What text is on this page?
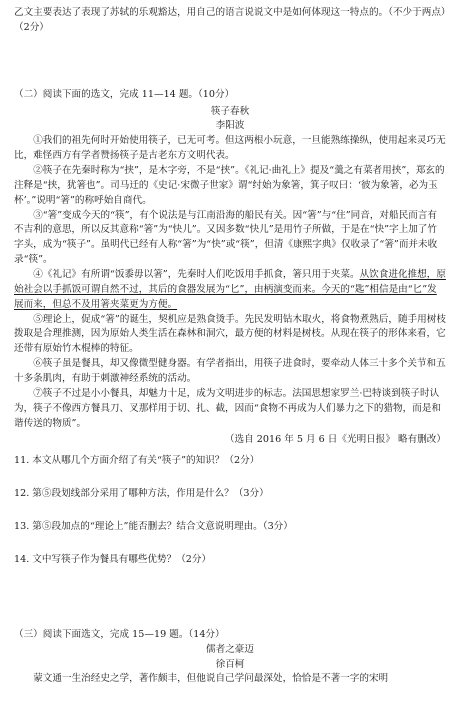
乙文主要表达了表现了苏轼的乐观豁达，用自己的语言说说文中是如何体现这一特点的。（不少于两点）（2分）

（二）阅读下面的选文，完成 11—14 题。（10分）

筷子春秋

李阳波

①我们的祖先何时开始使用筷子，已无可考。但这两根小玩意，一旦能熟练操纵，使用起来灵巧无比，难怪西方有学者赞扬筷子是古老东方文明代表。

②筷子在先秦时称为“挟”，是木字旁，不是“挟”。《礼记·曲礼上》提及“羹之有菜者用挟”，郑玄的注释是“挟，犹箸也”。司马迁的《史记·宋微子世家》谓“纣始为象箸，箕子叹曰：‘彼为象箸，必为玉杯’。”说明“箸”的称呼始自商代。

③“箸”变成今天的“筷”，有个说法是与江南沿海的船民有关。因“箸”与“住”同音，对船民而言有不吉利的意思，所以反其意称“箸”为“快儿”。又因多数“快儿”是用竹子所做，于是在“快”字上加了竹字头，成为“筷子”。虽明代已经有人称“箸”为“快”或“筷”，但清《康熙字典》仅收录了“箸”而并未收录“筷”。

④《礼记》有所谓“饭黍毋以箸”，先秦时人们吃饭用手抓食，箸只用于夹菜。从饮食进化推想，原始社会以手抓饭可谓自然不过，其后的食器发展为“匕”，由柄演变而来。今天的“匙”相信是由“匕”发展而来，但总不及用箸夹菜更为方便。

⑤理论上，促成“箸”的诞生，契机应是熟食烫手。先民发明钻木取火，将食物煮熟后，随手用树枝拨取是合理推测，因为原始人类生活在森林和洞穴，最方便的材料是树枝。从现在筷子的形体来看，它还带有原始竹木棍棒的特征。

⑥筷子虽是餐具，却又像微型健身器。有学者指出，用筷子进食时，要牵动人体三十多个关节和五十多条肌肉，有助于刺激神经系统的活动。

⑦筷子不过是小小餐具，却魅力十足，成为文明进步的标志。法国思想家罗兰·巴特谈到筷子时认为，筷子不像西方餐具刀、叉那样用于切、扎、截，因而“食物不再成为人们暴力之下的猎物，而是和谐传送的物质”。

（选自 2016 年 5 月 6 日《光明日报》 略有删改）

11. 本文从哪几个方面介绍了有关“筷子”的知识？（2分）

12. 第⑤段划线部分采用了哪种方法，作用是什么？（3分）

13. 第⑤段加点的“理论上”能否删去？结合文意说明理由。（3分）

14. 文中写筷子作为餐具有哪些优势？（2分）

（三）阅读下面选文，完成 15—19 题。（14分）

儒者之豪迈

徐百柯

蒙文通一生治经史之学，著作颇丰，但他说自己学问最深处，恰恰是不著一字的宋明
